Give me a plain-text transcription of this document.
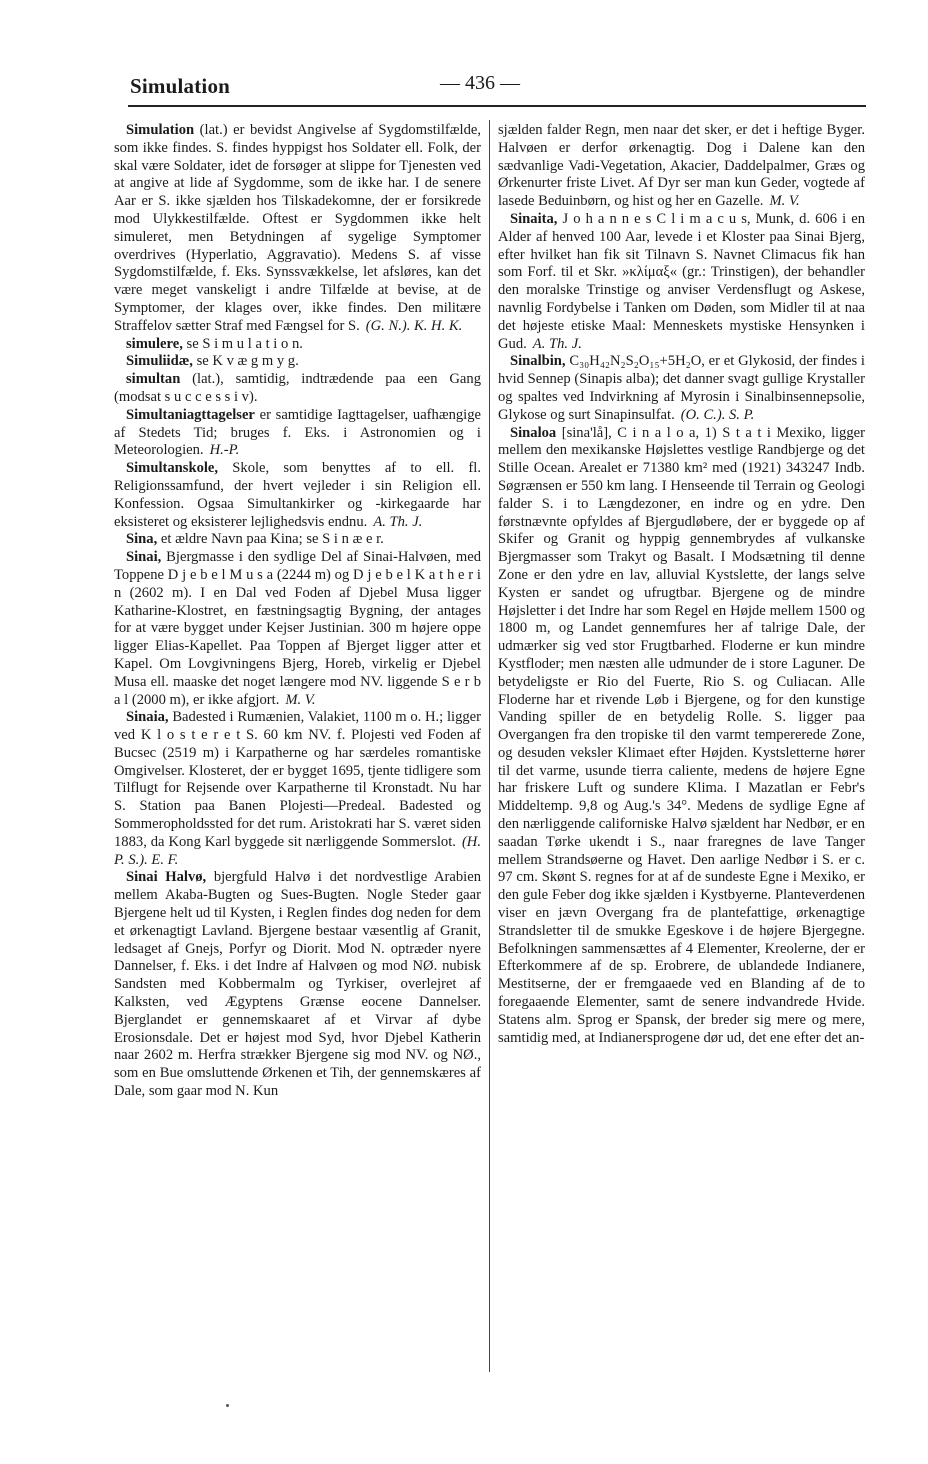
Simulation	— 436 —

Simulation (lat.) er bevidst Angivelse af Sygdomstilfælde, som ikke findes. S. findes hyppigst hos Soldater ell. Folk, der skal være Soldater, idet de forsøger at slippe for Tjenesten ved at angive at lide af Sygdomme, som de ikke har. I de senere Aar er S. ikke sjælden hos Tilskadekomne, der er forsikrede mod Ulykkestilfælde. Oftest er Sygdommen ikke helt simuleret, men Betydningen af sygelige Symptomer overdrives (Hyperlatio, Aggravatio). Medens S. af visse Sygdomstilfælde, f. Eks. Synssvækkelse, let afsløres, kan det være meget vanskeligt i andre Tilfælde at bevise, at de Symptomer, der klages over, ikke findes. Den militære Straffelov sætter Straf med Fængsel for S. (G. N.). K. H. K.

simulere, se S i m u l a t i o n.

Simuliidæ, se K v æ g m y g.

simultan (lat.), samtidig, indtrædende paa een Gang (modsat s u c c e s s i v).

Simultaniagttagelser er samtidige Iagttagelser, uafhængige af Stedets Tid; bruges f. Eks. i Astronomien og i Meteorologien. H.-P.

Simultanskole, Skole, som benyttes af to ell. fl. Religionssamfund, der hvert vejleder i sin Religion ell. Konfession. Ogsaa Simultankirker og -kirkegaarde har eksisteret og eksisterer lejlighedsvis endnu. A. Th. J.

Sina, et ældre Navn paa Kina; se S i n æ e r.

Sinai, Bjergmasse i den sydlige Del af Sinai-Halvøen, med Toppene D j e b e l M u s a (2244 m) og D j e b e l K a t h e r i n (2602 m). I en Dal ved Foden af Djebel Musa ligger Katharine-Klostret, en fæstningsagtig Bygning, der antages for at være bygget under Kejser Justinian. 300 m højere oppe ligger Elias-Kapellet. Paa Toppen af Bjerget ligger atter et Kapel. Om Lovgivningens Bjerg, Horeb, virkelig er Djebel Musa ell. maaske det noget længere mod NV. liggende S e r b a l (2000 m), er ikke afgjort. M. V.

Sinaia, Badested i Rumænien, Valakiet, 1100 m o. H.; ligger ved K l o s t e r e t S. 60 km NV. f. Plojesti ved Foden af Bucsec (2519 m) i Karpatherne og har særdeles romantiske Omgivelser. Klosteret, der er bygget 1695, tjente tidligere som Tilflugt for Rejsende over Karpatherne til Kronstadt. Nu har S. Station paa Banen Plojesti—Predeal. Badested og Sommeropholdssted for det rum. Aristokrati har S. været siden 1883, da Kong Karl byggede sit nærliggende Sommerslot. (H. P. S.). E. F.

Sinai Halvø, bjergfuld Halvø i det nordvestlige Arabien mellem Akaba-Bugten og Sues-Bugten. Nogle Steder gaar Bjergene helt ud til Kysten, i Reglen findes dog neden for dem et ørkenagtigt Lavland. Bjergene bestaar væsentlig af Granit, ledsaget af Gnejs, Porfyr og Diorit. Mod N. optræder nyere Dannelser, f. Eks. i det Indre af Halvøen og mod NØ. nubisk Sandsten med Kobbermalm og Tyrkiser, overlejret af Kalksten, ved Ægyptens Grænse eocene Dannelser. Bjerglandet er gennemskaaret af et Virvar af dybe Erosionsdale. Det er højest mod Syd, hvor Djebel Katherin naar 2602 m. Herfra strækker Bjergene sig mod NV. og NØ., som en Bue omsluttende Ørkenen et Tih, der gennemskæres af Dale, som gaar mod N. Kun

sjælden falder Regn, men naar det sker, er det i heftige Byger. Halvøen er derfor ørkenagtig. Dog i Dalene kan den sædvanlige Vadi-Vegetation, Akacier, Daddelpalmer, Græs og Ørkenurter friste Livet. Af Dyr ser man kun Geder, vogtede af lasede Beduinbørn, og hist og her en Gazelle. M. V.

Sinaita, J o h a n n e s C l i m a c u s, Munk, d. 606 i en Alder af henved 100 Aar, levede i et Kloster paa Sinai Bjerg, efter hvilket han fik sit Tilnavn S. Navnet Climacus fik han som Forf. til et Skr. »κλίμαξ« (gr.: Trinstigen), der behandler den moralske Trinstige og anviser Verdensflugt og Askese, navnlig Fordybelse i Tanken om Døden, som Midler til at naa det højeste etiske Maal: Menneskets mystiske Hensynken i Gud. A. Th. J.

Sinalbin, C₃₀H₄₂N₂S₂O₁₅+5H₂O, er et Glykosid, der findes i hvid Sennep (Sinapis alba); det danner svagt gullige Krystaller og spaltes ved Indvirkning af Myrosin i Sinalbinsennepsolie, Glykose og surt Sinapinsulfat. (O. C.). S. P.

Sinaloa [sina'lå], C i n a l o a, 1) S t a t i Mexiko, ligger mellem den mexikanske Højslettes vestlige Randbjerge og det Stille Ocean. Arealet er 71380 km² med (1921) 343247 Indb. Søgrænsen er 550 km lang. I Henseende til Terrain og Geologi falder S. i to Længdezoner, en indre og en ydre. Den førstnævnte opfyldes af Bjergudløbere, der er byggede op af Skifer og Granit og hyppig gennembrydes af vulkanske Bjergmasser som Trakyt og Basalt. I Modsætning til denne Zone er den ydre en lav, alluvial Kystslette, der langs selve Kysten er sandet og ufrugtbar. Bjergene og de mindre Højsletter i det Indre har som Regel en Højde mellem 1500 og 1800 m, og Landet gennemfures her af talrige Dale, der udmærker sig ved stor Frugtbarhed. Floderne er kun mindre Kystfloder; men næsten alle udmunder de i store Laguner. De betydeligste er Rio del Fuerte, Rio S. og Culiacan. Alle Floderne har et rivende Løb i Bjergene, og for den kunstige Vanding spiller de en betydelig Rolle. S. ligger paa Overgangen fra den tropiske til den varmt tempererede Zone, og desuden veksler Klimaet efter Højden. Kystsletterne hører til det varme, usunde tierra caliente, medens de højere Egne har friskere Luft og sundere Klima. I Mazatlan er Febr's Middeltemp. 9,8 og Aug.'s 34°. Medens de sydlige Egne af den nærliggende californiske Halvø sjældent har Nedbør, er en saadan Tørke ukendt i S., naar fraregnes de lave Tanger mellem Strandsøerne og Havet. Den aarlige Nedbør i S. er c. 97 cm. Skønt S. regnes for at af de sundeste Egne i Mexiko, er den gule Feber dog ikke sjælden i Kystbyerne. Planteverdenen viser en jævn Overgang fra de plantefattige, ørkenagtige Strandsletter til de smukke Egeskove i de højere Bjergegne. Befolkningen sammensættes af 4 Elementer, Kreolerne, der er Efterkommere af de sp. Erobrere, de ublandede Indianere, Mestitserne, der er fremgaaede ved en Blanding af de to foregaaende Elementer, samt de senere indvandrede Hvide. Statens alm. Sprog er Spansk, der breder sig mere og mere, samtidig med, at Indianersprogene dør ud, det ene efter det an-
